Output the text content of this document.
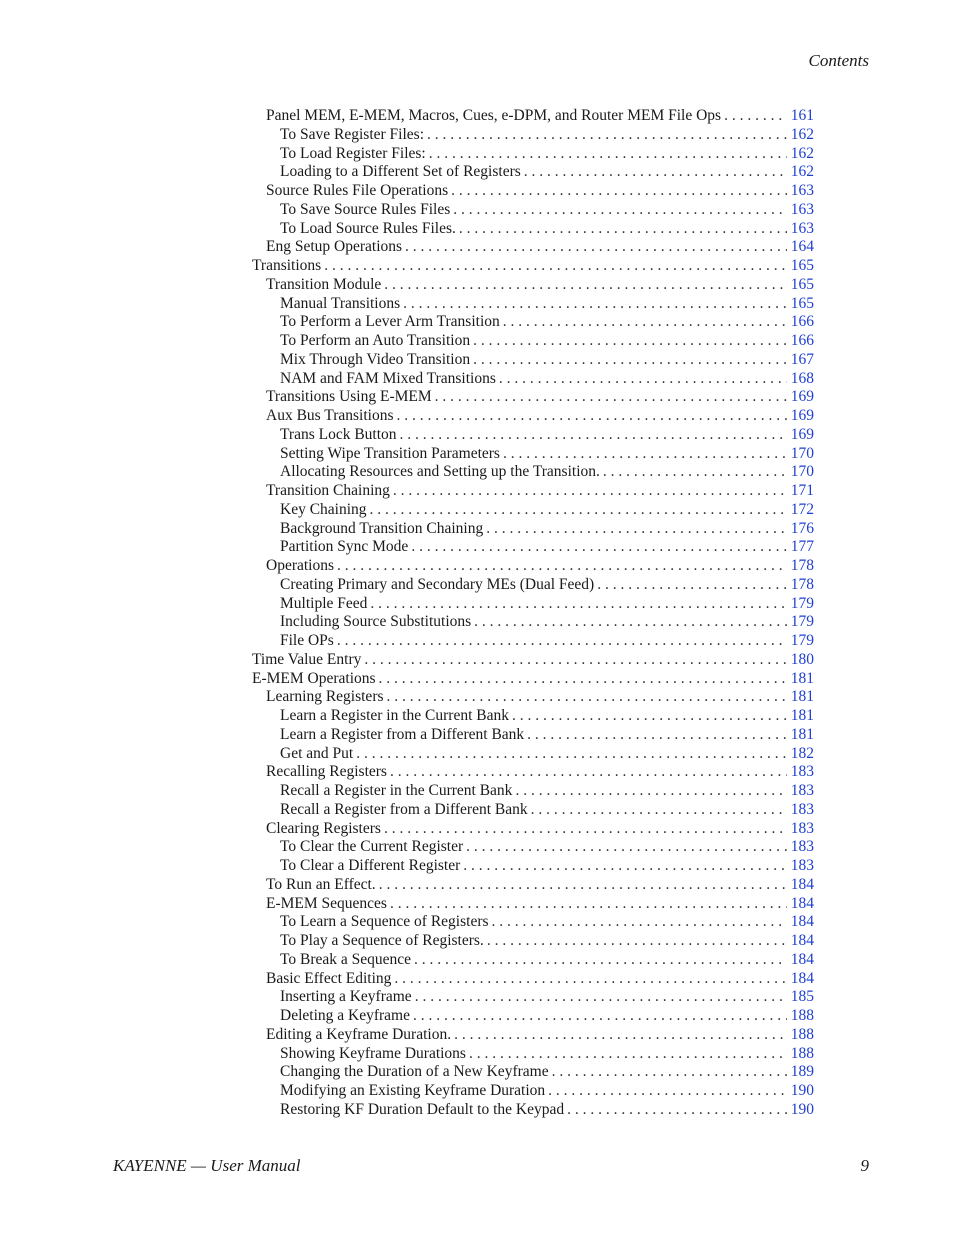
Contents
Panel MEM, E-MEM, Macros, Cues, e-DPM, and Router MEM File Ops . . .	161
To Save Register Files: . . .	162
To Load Register Files: . . .	162
Loading to a Different Set of Registers . . .	162
Source Rules File Operations . . .	163
To Save Source Rules Files . . .	163
To Load Source Rules Files. . . .	163
Eng Setup Operations . . .	164
Transitions . . .	165
Transition Module . . .	165
Manual Transitions . . .	165
To Perform a Lever Arm Transition . . .	166
To Perform an Auto Transition . . .	166
Mix Through Video Transition . . .	167
NAM and FAM Mixed Transitions . . .	168
Transitions Using E-MEM . . .	169
Aux Bus Transitions . . .	169
Trans Lock Button . . .	169
Setting Wipe Transition Parameters . . .	170
Allocating Resources and Setting up the Transition. . . .	170
Transition Chaining . . .	171
Key Chaining . . .	172
Background Transition Chaining . . .	176
Partition Sync Mode . . .	177
Operations . . .	178
Creating Primary and Secondary MEs (Dual Feed) . . .	178
Multiple Feed . . .	179
Including Source Substitutions . . .	179
File OPs . . .	179
Time Value Entry . . .	180
E-MEM Operations . . .	181
Learning Registers . . .	181
Learn a Register in the Current Bank . . .	181
Learn a Register from a Different Bank . . .	181
Get and Put . . .	182
Recalling Registers . . .	183
Recall a Register in the Current Bank . . .	183
Recall a Register from a Different Bank . . .	183
Clearing Registers . . .	183
To Clear the Current Register . . .	183
To Clear a Different Register . . .	183
To Run an Effect. . . .	184
E-MEM Sequences . . .	184
To Learn a Sequence of Registers . . .	184
To Play a Sequence of Registers. . . .	184
To Break a Sequence . . .	184
Basic Effect Editing . . .	184
Inserting a Keyframe . . .	185
Deleting a Keyframe . . .	188
Editing a Keyframe Duration. . . .	188
Showing Keyframe Durations . . .	188
Changing the Duration of a New Keyframe . . .	189
Modifying an Existing Keyframe Duration . . .	190
Restoring KF Duration Default to the Keypad . . .	190
KAYENNE — User Manual	9
